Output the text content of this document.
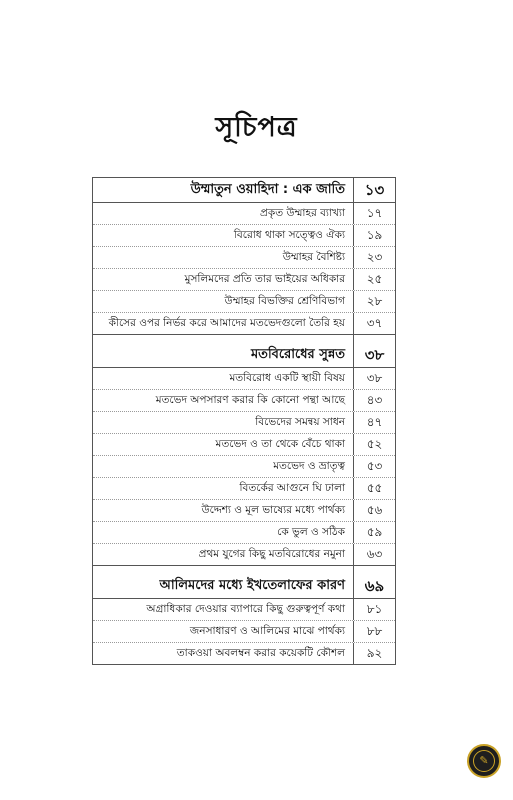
সূচিপত্র
উম্মাতুন ওয়াহিদা : এক জাতি	১৩
প্রকৃত উম্মাহর ব্যাখ্যা	১৭
বিরোধ থাকা সত্ত্বেও ঐক্য	১৯
উম্মাহর বৈশিষ্ট্য	২৩
মুসলিমদের প্রতি তার ভাইয়ের অধিকার	২৫
উম্মাহর বিভক্তির শ্রেণিবিভাগ	২৮
কীসের ওপর নির্ভর করে আমাদের মতভেদগুলো তৈরি হয়	৩৭
মতবিরোধের সুন্নত	৩৮
মতবিরোধ একটি স্থায়ী বিষয়	৩৮
মতভেদ অপসারণ করার কি কোনো পন্থা আছে	৪৩
বিভেদের সমন্বয় সাধন	৪৭
মতভেদ ও তা থেকে বেঁচে থাকা	৫২
মতভেদ ও ভ্রাতৃত্ব	৫৩
বিতর্কের আগুনে ঘি ঢালা	৫৫
উদ্দেশ্য ও মূল ভাষ্যের মধ্যে পার্থক্য	৫৬
কে ভুল ও সঠিক	৫৯
প্রথম যুগের কিছু মতবিরোধের নমুনা	৬৩
আলিমদের মধ্যে ইখতেলাফের কারণ	৬৯
অগ্রাধিকার দেওয়ার ব্যাপারে কিছু গুরুত্বপূর্ণ কথা	৮১
জনসাধারণ ও আলিমের মাঝে পার্থক্য	৮৮
তাকওয়া অবলম্বন করার কয়েকটি কৌশল	৯২
✎
